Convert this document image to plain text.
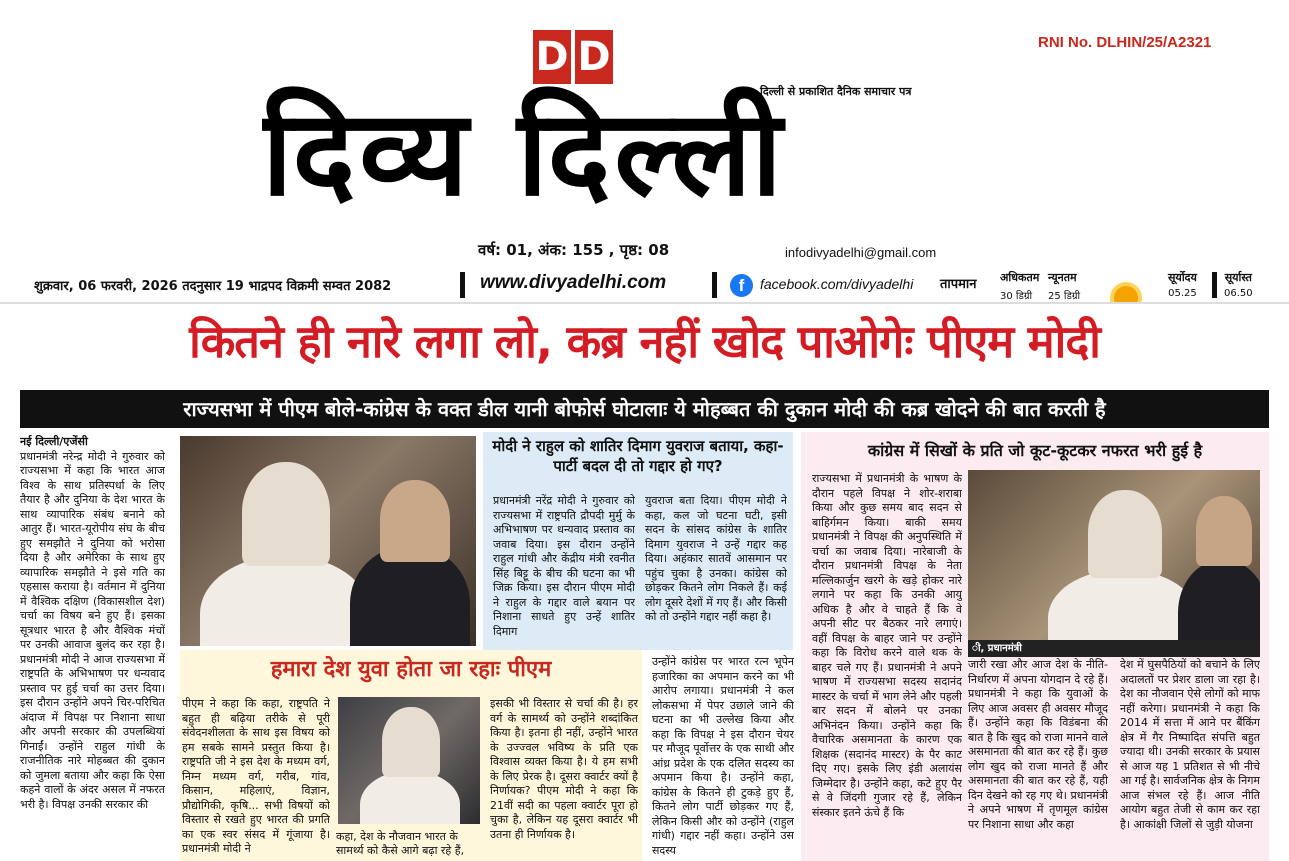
D D	RNI No. DLHIN/25/A2321
दिल्ली से प्रकाशित दैनिक समाचार पत्र
दिव्य दिल्ली
वर्ष: 01, अंक: 155 , पृष्ठ: 08	infodivyadelhi@gmail.com
शुक्रवार, 06 फरवरी, 2026 तदनुसार 19 भाद्रपद विक्रमी सम्वत 2082	www.divyadelhi.com	f	facebook.com/divyadelhi तापमान अधिकतम
30 डिग्री
न्यूनतम
25 डिग्री
सूर्योदय
05.25
सूर्यास्त
06.50
कितने ही नारे लगा लो, कब्र नहीं खोद पाओगेः पीएम मोदी
राज्यसभा में पीएम बोले-कांग्रेस के वक्त डील यानी बोफोर्स घोटालाः ये मोहब्बत की दुकान मोदी की कब्र खोदने की बात करती है
नई दिल्ली/एजेंसी
प्रधानमंत्री नरेन्द्र मोदी ने गुरुवार को राज्यसभा में कहा कि भारत आज विश्व के साथ प्रतिस्पर्धा के लिए तैयार है और दुनिया के देश भारत के साथ व्यापारिक संबंध बनाने को आतुर हैं। भारत-यूरोपीय संघ के बीच हुए समझौते ने दुनिया को भरोसा दिया है और अमेरिका के साथ हुए व्यापारिक समझौते ने इसे गति का एहसास कराया है। वर्तमान में दुनिया में वैश्विक दक्षिण (विकासशील देश) चर्चा का विषय बने हुए हैं। इसका सूत्रधार भारत है और वैश्विक मंचों पर उनकी आवाज बुलंद कर रहा है। प्रधानमंत्री मोदी ने आज राज्यसभा में राष्ट्रपति के अभिभाषण पर धन्यवाद प्रस्ताव पर हुई चर्चा का उत्तर दिया। इस दौरान उन्होंने अपने चिर-परिचित अंदाज में विपक्ष पर निशाना साधा और अपनी सरकार की उपलब्धियां गिनाईं। उन्होंने राहुल गांधी के राजनीतिक नारे मोहब्बत की दुकान को जुमला बताया और कहा कि ऐसा कहने वालों के अंदर असल में नफरत भरी है। विपक्ष उनकी सरकार की
मोदी ने राहुल को शातिर दिमाग युवराज बताया, कहा- पार्टी बदल दी तो गद्दार हो गए?
प्रधानमंत्री नरेंद्र मोदी ने गुरुवार को राज्यसभा में राष्ट्रपति द्रौपदी मुर्मु के अभिभाषण पर धन्यवाद प्रस्ताव का जवाब दिया। इस दौरान उन्होंने राहुल गांधी और केंद्रीय मंत्री रवनीत सिंह बिट्टू के बीच की घटना का भी जिक्र किया। इस दौरान पीएम मोदी ने राहुल के गद्दार वाले बयान पर निशाना साधते हुए उन्हें शातिर दिमाग
युवराज बता दिया। पीएम मोदी ने कहा, कल जो घटना घटी, इसी सदन के सांसद कांग्रेस के शातिर दिमाग युवराज ने उन्हें गद्दार कह दिया। अहंकार सातवें आसमान पर पहुंच चुका है उनका। कांग्रेस को छोड़कर कितने लोग निकले हैं। कई लोग दूसरे देशों में गए हैं। और किसी को तो उन्होंने गद्दार नहीं कहा है।
कांग्रेस में सिखों के प्रति जो कूट-कूटकर नफरत भरी हुई है
राज्यसभा में प्रधानमंत्री के भाषण के दौरान पहले विपक्ष ने शोर-शराबा किया और कुछ समय बाद सदन से बाहिर्गमन किया। बाकी समय प्रधानमंत्री ने विपक्ष की अनुपस्थिति में चर्चा का जवाब दिया। नारेबाजी के दौरान प्रधानमंत्री विपक्ष के नेता मल्लिकार्जुन खरगे के खड़े होकर नारे लगाने पर कहा कि उनकी आयु अधिक है और वे चाहते हैं कि वे अपनी सीट पर बैठकर नारे लगाएं। वहीं विपक्ष के बाहर जाने पर उन्होंने कहा कि विरोध करने वाले थक के बाहर चले गए हैं। प्रधानमंत्री ने अपने भाषण में राज्यसभा सदस्य सदानंद मास्टर के चर्चा में भाग लेने और पहली बार सदन में बोलने पर उनका अभिनंदन किया। उन्होंने कहा कि वैचारिक असमानता के कारण एक शिक्षक (सदानंद मास्टर) के पैर काट दिए गए। इसके लिए इंडी अलायंस जिम्मेदार है। उन्होंने कहा, कटे हुए पैर से वे जिंदगी गुजार रहे हैं, लेकिन संस्कार इतने ऊंचे हैं कि
ी, प्रधानमंत्री
जारी रखा और आज देश के नीति-निर्धारण में अपना योगदान दे रहे हैं। प्रधानमंत्री ने कहा कि युवाओं के लिए आज अवसर ही अवसर मौजूद हैं। उन्होंने कहा कि विडंबना की बात है कि खुद को राजा मानने वाले असमानता की बात कर रहे हैं। कुछ लोग खुद को राजा मानते हैं और असमानता की बात कर रहे हैं, यही दिन देखने को रह गए थे। प्रधानमंत्री ने अपने भाषण में तृणमूल कांग्रेस पर निशाना साधा और कहा
देश में घुसपैठियों को बचाने के लिए अदालतों पर प्रेशर डाला जा रहा है। देश का नौजवान ऐसे लोगों को माफ नहीं करेगा। प्रधानमंत्री ने कहा कि 2014 में सत्ता में आने पर बैंकिंग क्षेत्र में गैर निष्पादित संपत्ति बहुत ज्यादा थी। उनकी सरकार के प्रयास से आज यह 1 प्रतिशत से भी नीचे आ गई है। सार्वजनिक क्षेत्र के निगम आज संभल रहे हैं। आज नीति आयोग बहुत तेजी से काम कर रहा है। आकांक्षी जिलों से जुड़ी योजना
हमारा देश युवा होता जा रहाः पीएम
पीएम ने कहा कि कहा, राष्ट्रपति ने बहुत ही बढ़िया तरीके से पूरी संवेदनशीलता के साथ इस विषय को हम सबके सामने प्रस्तुत किया है। राष्ट्रपति जी ने इस देश के मध्यम वर्ग, निम्न मध्यम वर्ग, गरीब, गांव, किसान, महिलाएं, विज्ञान, प्रौद्योगिकी, कृषि... सभी विषयों को विस्तार से रखते हुए भारत की प्रगति का एक स्वर संसद में गूंजाया है। प्रधानमंत्री मोदी ने
कहा, देश के नौजवान भारत के सामर्थ्य को कैसे आगे बढ़ा रहे हैं,
इसकी भी विस्तार से चर्चा की है। हर वर्ग के सामर्थ्य को उन्होंने शब्दांकित किया है। इतना ही नहीं, उन्होंने भारत के उज्ज्वल भविष्य के प्रति एक विश्वास व्यक्त किया है। ये हम सभी के लिए प्रेरक है। दूसरा क्वार्टर क्यों है निर्णायक? पीएम मोदी ने कहा कि 21वीं सदी का पहला क्वार्टर पूरा हो चुका है, लेकिन यह दूसरा क्वार्टर भी उतना ही निर्णायक है।
उन्होंने कांग्रेस पर भारत रत्न भूपेन हजारिका का अपमान करने का भी आरोप लगाया। प्रधानमंत्री ने कल लोकसभा में पेपर उछाले जाने की घटना का भी उल्लेख किया और कहा कि विपक्ष ने इस दौरान चेयर पर मौजूद पूर्वोत्तर के एक साथी और आंध्र प्रदेश के एक दलित सदस्य का अपमान किया है। उन्होंने कहा, कांग्रेस के कितने ही टुकड़े हुए हैं, कितने लोग पार्टी छोड़कर गए हैं, लेकिन किसी और को उन्होंने (राहुल गांधी) गद्दार नहीं कहा। उन्होंने उस सदस्य
